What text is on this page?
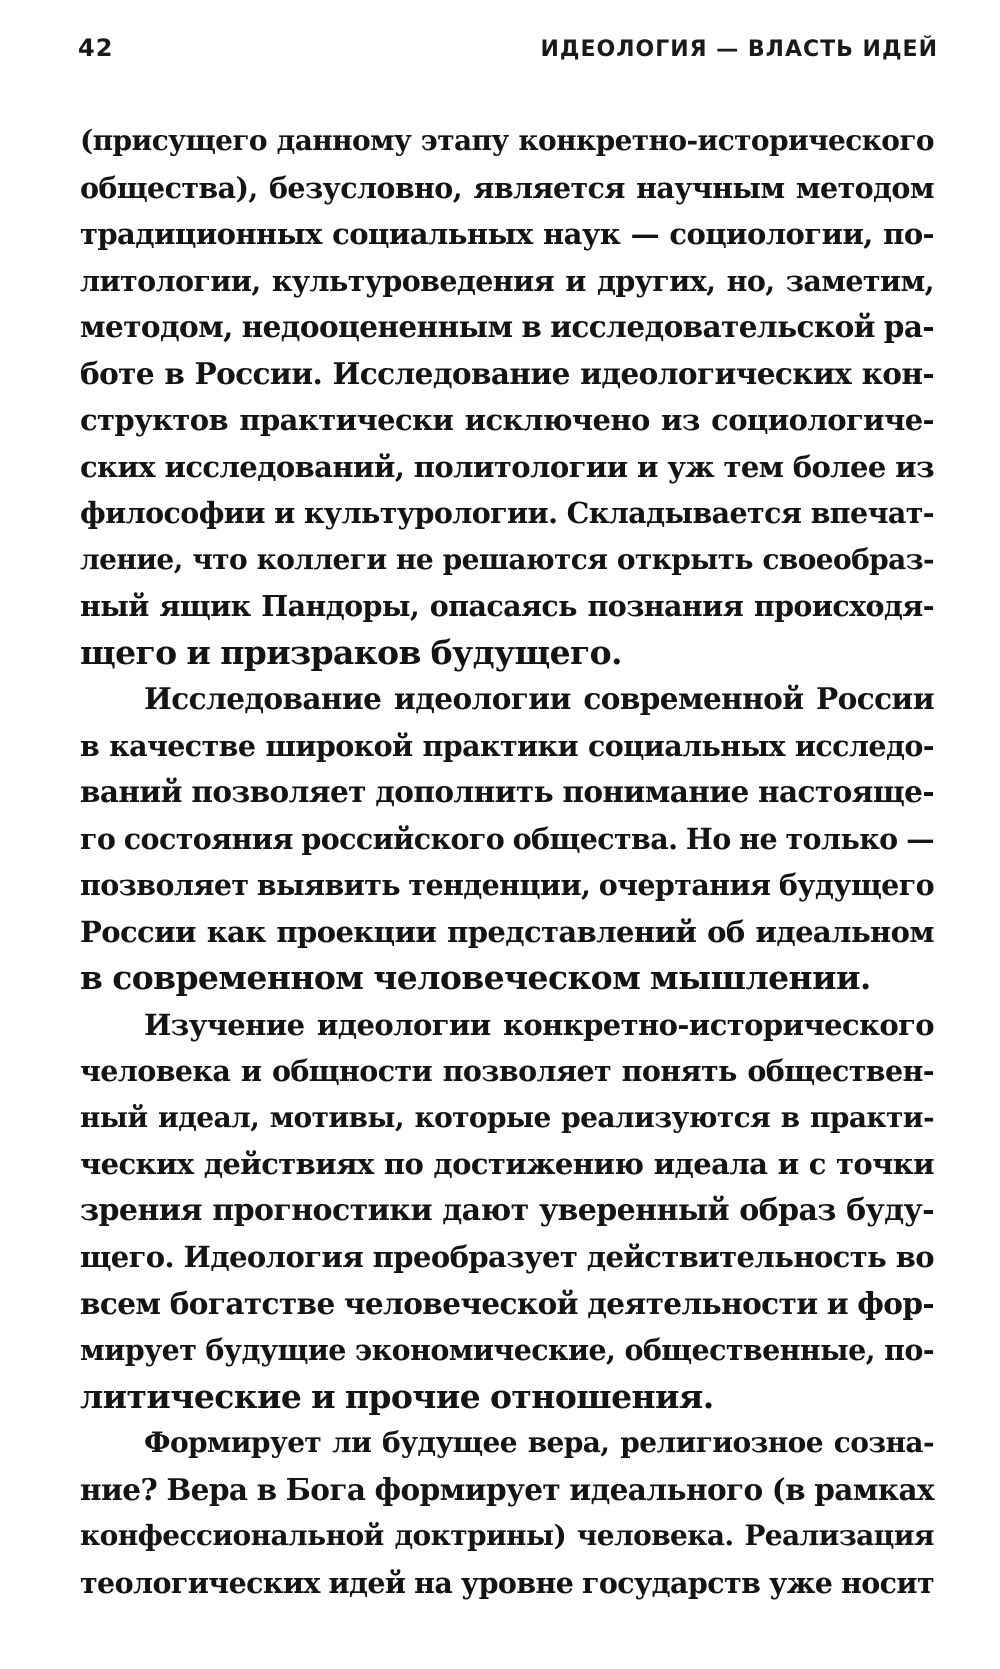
42	ИДЕОЛОГИЯ — ВЛАСТЬ ИДЕЙ
(присущего данному этапу конкретно-исторического
общества), безусловно, является научным методом
традиционных социальных наук — социологии, по-
литологии, культуроведения и других, но, заметим,
методом, недооцененным в исследовательской ра-
боте в России. Исследование идеологических кон-
структов практически исключено из социологиче-
ских исследований, политологии и уж тем более из
философии и культурологии. Складывается впечат-
ление, что коллеги не решаются открыть своеобраз-
ный ящик Пандоры, опасаясь познания происходя-
щего и призраков будущего.
Исследование идеологии современной России
в качестве широкой практики социальных исследо-
ваний позволяет дополнить понимание настояще-
го состояния российского общества. Но не только —
позволяет выявить тенденции, очертания будущего
России как проекции представлений об идеальном
в современном человеческом мышлении.
Изучение идеологии конкретно-исторического
человека и общности позволяет понять обществен-
ный идеал, мотивы, которые реализуются в практи-
ческих действиях по достижению идеала и с точки
зрения прогностики дают уверенный образ буду-
щего. Идеология преобразует действительность во
всем богатстве человеческой деятельности и фор-
мирует будущие экономические, общественные, по-
литические и прочие отношения.
Формирует ли будущее вера, религиозное созна-
ние? Вера в Бога формирует идеального (в рамках
конфессиональной доктрины) человека. Реализация
теологических идей на уровне государств уже носит
